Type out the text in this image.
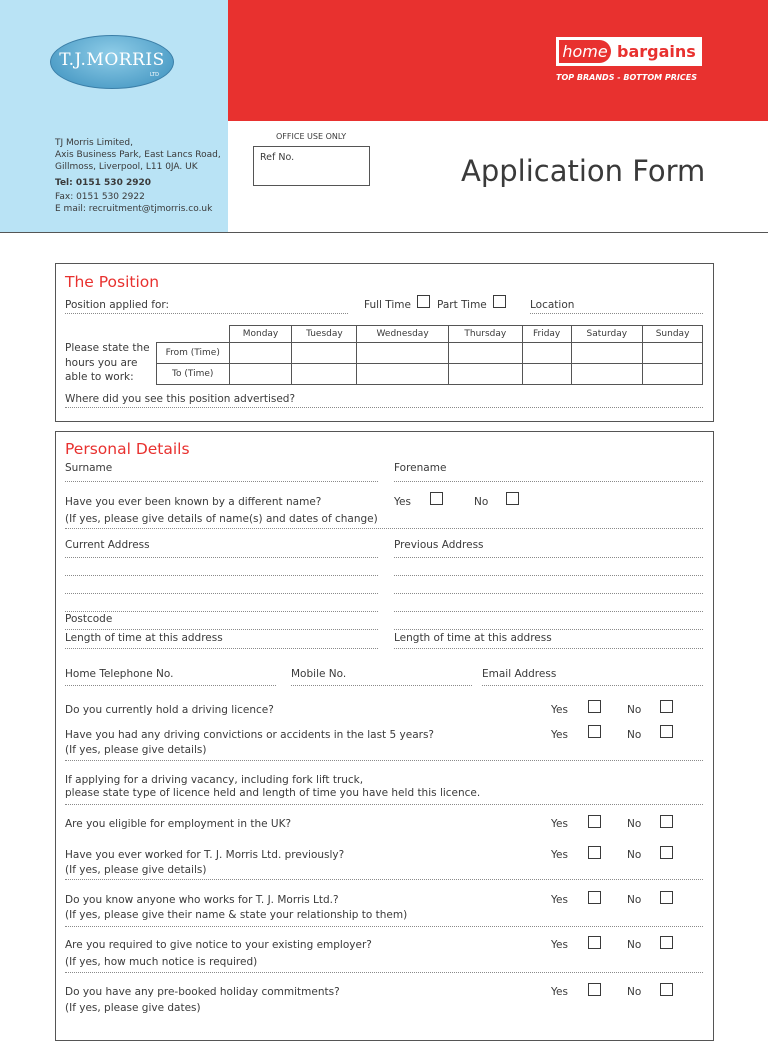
T.J.MORRIS
LTD
home bargains
TOP BRANDS - BOTTOM PRICES
TJ Morris Limited,
Axis Business Park, East Lancs Road,
Gillmoss, Liverpool, L11 0JA. UK
Tel: 0151 530 2920
Fax: 0151 530 2922
E mail: recruitment@tjmorris.co.uk
OFFICE USE ONLY
Ref No.	Application Form
The Position
Position applied for:	Full Time Part Time	Location
Please state the
hours you are
able to work:
	Monday	Tuesday	Wednesday	Thursday	Friday	Saturday	Sunday
From (Time)							
To (Time)							
Where did you see this position advertised?
Personal Details
Surname	Forename
Have you ever been known by a different name?
(If yes, please give details of name(s) and dates of change)
Yes	No
Current Address	Previous Address
Postcode
Length of time at this address	Length of time at this address
Home Telephone No.	Mobile No.	Email Address
Do you currently hold a driving licence?	Yes	No
Have you had any driving convictions or accidents in the last 5 years?
(If yes, please give details)
Yes	No
If applying for a driving vacancy, including fork lift truck,
please state type of licence held and length of time you have held this licence.
Are you eligible for employment in the UK?	Yes	No
Have you ever worked for T. J. Morris Ltd. previously?
(If yes, please give details)
Yes	No
Do you know anyone who works for T. J. Morris Ltd.?
(If yes, please give their name & state your relationship to them)
Yes	No
Are you required to give notice to your existing employer?
(If yes, how much notice is required)
Yes	No
Do you have any pre-booked holiday commitments?
(If yes, please give dates)
Yes	No
